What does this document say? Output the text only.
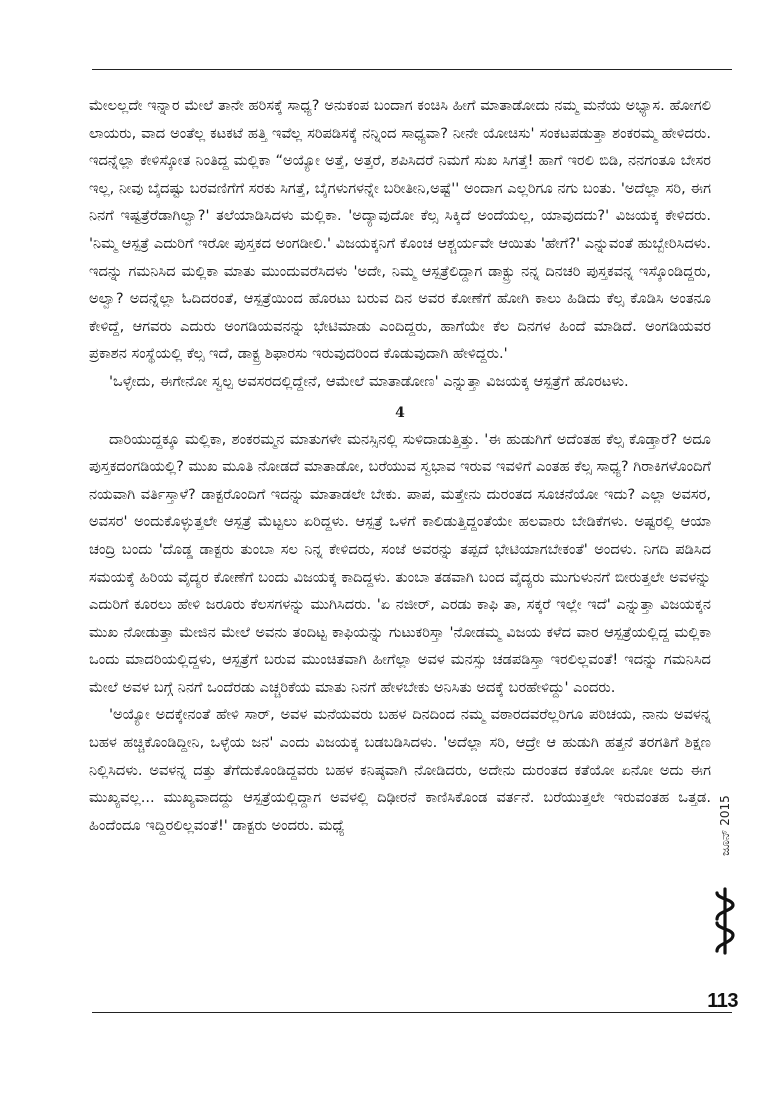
ಮೇಲಲ್ಲದೇ ಇನ್ನಾರ ಮೇಲೆ ತಾನೇ ಹರಿಸಕ್ಕೆ ಸಾಧ್ಯ? ಅನುಕಂಪ ಬಂದಾಗ ಕಂಚಿಸಿ ಹೀಗೆ ಮಾತಾಡೋದು ನಮ್ಮ ಮನೆಯ ಅಭ್ಯಾಸ. ಹೋಗಲಿ ಲಾಯರು, ವಾದ ಅಂತೆಲ್ಲ ಕಟಕಟೆ ಹತ್ತಿ ಇವೆಲ್ಲ ಸರಿಪಡಿಸಕ್ಕೆ ನನ್ನಿಂದ ಸಾಧ್ಯವಾ? ನೀನೇ ಯೋಚಿಸು' ಸಂಕಟಪಡುತ್ತಾ ಶಂಕರಮ್ಮ ಹೇಳಿದರು. ಇದನ್ನೆಲ್ಲಾ ಕೇಳಿಸ್ಕೋತ ನಿಂತಿದ್ದ ಮಲ್ಲಿಕಾ “ಅಯ್ಯೋ ಅತ್ತೆ, ಅತ್ತರೆ, ಶಪಿಸಿದರೆ ನಿಮಗೆ ಸುಖ ಸಿಗತ್ತೆ! ಹಾಗೆ ಇರಲಿ ಬಿಡಿ, ನನಗಂತೂ ಬೇಸರ ಇಲ್ಲ, ನೀವು ಬೈದಷ್ಟು ಬರವಣಿಗೆಗೆ ಸರಕು ಸಿಗತ್ತೆ, ಬೈಗಳುಗಳನ್ನೇ ಬರೀತೀನಿ,ಅಷ್ಟೆ'' ಅಂದಾಗ ಎಲ್ಲರಿಗೂ ನಗು ಬಂತು. 'ಅದೆಲ್ಲಾ ಸರಿ, ಈಗ ನಿನಗೆ ಇಷ್ಟತ್ರೆರೆಡಾಗಿಲ್ವಾ?' ತಲೆಯಾಡಿಸಿದಳು ಮಲ್ಲಿಕಾ. 'ಅದ್ಯಾವುದೋ ಕೆಲ್ಸ ಸಿಕ್ಕಿದೆ ಅಂದೆಯಲ್ಲ, ಯಾವುದದು?' ವಿಜಯಕ್ಕ ಕೇಳಿದರು. 'ನಿಮ್ಮ ಆಸ್ಪತ್ರೆ ಎದುರಿಗೆ ಇರೋ ಪುಸ್ತಕದ ಅಂಗಡೀಲಿ.' ವಿಜಯಕ್ಕನಿಗೆ ಕೊಂಚ ಆಶ್ಚರ್ಯವೇ ಆಯಿತು 'ಹೇಗೆ?' ಎನ್ನುವಂತೆ ಹುಬ್ಬೇರಿಸಿದಳು. ಇದನ್ನು ಗಮನಿಸಿದ ಮಲ್ಲಿಕಾ ಮಾತು ಮುಂದುವರೆಸಿದಳು 'ಅದೇ, ನಿಮ್ಮ ಆಸ್ಪತ್ರೆಲಿದ್ದಾಗ ಡಾಕ್ಟ್ರು ನನ್ನ ದಿನಚರಿ ಪುಸ್ತಕವನ್ನ ಇಸ್ಕೊಂಡಿದ್ದರು, ಅಲ್ವಾ? ಅದನ್ನೆಲ್ಲಾ ಓದಿದರಂತೆ, ಆಸ್ಪತ್ರೆಯಿಂದ ಹೊರಟು ಬರುವ ದಿನ ಅವರ ಕೋಣೆಗೆ ಹೋಗಿ ಕಾಲು ಹಿಡಿದು ಕೆಲ್ಸ ಕೊಡಿಸಿ ಅಂತನೂ ಕೇಳಿದ್ದೆ, ಆಗವರು ಎದುರು ಅಂಗಡಿಯವನನ್ನು ಭೇಟಿಮಾಡು ಎಂದಿದ್ದರು, ಹಾಗೆಯೇ ಕೆಲ ದಿನಗಳ ಹಿಂದೆ ಮಾಡಿದೆ. ಅಂಗಡಿಯವರ ಪ್ರಕಾಶನ ಸಂಸ್ಥೆಯಲ್ಲಿ ಕೆಲ್ಸ ಇದೆ, ಡಾಕ್ಟ್ರ ಶಿಫಾರಸು ಇರುವುದರಿಂದ ಕೊಡುವುದಾಗಿ ಹೇಳಿದ್ದರು.'

'ಒಳ್ಳೇದು, ಈಗೇನೋ ಸ್ವಲ್ಪ ಅವಸರದಲ್ಲಿದ್ದೇನೆ, ಆಮೇಲೆ ಮಾತಾಡೋಣ' ಎನ್ನುತ್ತಾ ವಿಜಯಕ್ಕ ಆಸ್ಪತ್ರೆಗೆ ಹೊರಟಳು.

4

ದಾರಿಯುದ್ದಕ್ಕೂ ಮಲ್ಲಿಕಾ, ಶಂಕರಮ್ಮನ ಮಾತುಗಳೇ ಮನಸ್ಸಿನಲ್ಲಿ ಸುಳಿದಾಡುತ್ತಿತ್ತು. 'ಈ ಹುಡುಗಿಗೆ ಅದೆಂತಹ ಕೆಲ್ಸ ಕೊಡ್ತಾರೆ? ಅದೂ ಪುಸ್ತಕದಂಗಡಿಯಲ್ಲಿ? ಮುಖ ಮೂತಿ ನೋಡದೆ ಮಾತಾಡೋ, ಬರೆಯುವ ಸ್ವಭಾವ ಇರುವ ಇವಳಿಗೆ ಎಂತಹ ಕೆಲ್ಸ ಸಾಧ್ಯ? ಗಿರಾಕಿಗಳೊಂದಿಗೆ ನಯವಾಗಿ ವರ್ತಿಸ್ತಾಳೆ? ಡಾಕ್ಟರೊಂದಿಗೆ ಇದನ್ನು ಮಾತಾಡಲೇ ಬೇಕು. ಪಾಪ, ಮತ್ತೇನು ದುರಂತದ ಸೂಚನೆಯೋ ಇದು? ಎಲ್ಲಾ ಅವಸರ, ಅವಸರ' ಅಂದುಕೊಳ್ಳುತ್ತಲೇ ಆಸ್ಪತ್ರೆ ಮೆಟ್ಟಲು ಏರಿದ್ದಳು. ಆಸ್ಪತ್ರೆ ಒಳಗೆ ಕಾಲಿಡುತ್ತಿದ್ದಂತೆಯೇ ಹಲವಾರು ಬೇಡಿಕೆಗಳು. ಅಷ್ಟರಲ್ಲಿ ಆಯಾ ಚಂದ್ರಿ ಬಂದು 'ದೊಡ್ಡ ಡಾಕ್ಟರು ತುಂಬಾ ಸಲ ನಿನ್ನ ಕೇಳಿದರು, ಸಂಜೆ ಅವರನ್ನು ತಪ್ಪದೆ ಭೇಟಿಯಾಗಬೇಕಂತೆ' ಅಂದಳು. ನಿಗದಿ ಪಡಿಸಿದ ಸಮಯಕ್ಕೆ ಹಿರಿಯ ವೈದ್ಯರ ಕೋಣೆಗೆ ಬಂದು ವಿಜಯಕ್ಕ ಕಾದಿದ್ದಳು. ತುಂಬಾ ತಡವಾಗಿ ಬಂದ ವೈದ್ಯರು ಮುಗುಳುನಗೆ ಬೀರುತ್ತಲೇ ಅವಳನ್ನು ಎದುರಿಗೆ ಕೂರಲು ಹೇಳಿ ಜರೂರು ಕೆಲಸಗಳನ್ನು ಮುಗಿಸಿದರು. 'ಏ ನಜೀರ್, ಎರಡು ಕಾಫಿ ತಾ, ಸಕ್ಕರೆ ಇಲ್ಲೇ ಇದೆ' ಎನ್ನುತ್ತಾ ವಿಜಯಕ್ಕನ ಮುಖ ನೋಡುತ್ತಾ ಮೇಜಿನ ಮೇಲೆ ಅವನು ತಂದಿಟ್ಟ ಕಾಫಿಯನ್ನು ಗುಟುಕರಿಸ್ತಾ 'ನೋಡಮ್ಮ ವಿಜಯ ಕಳೆದ ವಾರ ಆಸ್ಪತ್ರೆಯಲ್ಲಿದ್ದ ಮಲ್ಲಿಕಾ ಒಂದು ಮಾದರಿಯಲ್ಲಿದ್ದಳು, ಆಸ್ಪತ್ರೆಗೆ ಬರುವ ಮುಂಚಿತವಾಗಿ ಹೀಗೆಲ್ಲಾ ಅವಳ ಮನಸ್ಸು ಚಡಪಡಿಸ್ತಾ ಇರಲಿಲ್ಲವಂತೆ! ಇದನ್ನು ಗಮನಿಸಿದ ಮೇಲೆ ಅವಳ ಬಗ್ಗೆ ನಿನಗೆ ಒಂದೆರಡು ಎಚ್ಚರಿಕೆಯ ಮಾತು ನಿನಗೆ ಹೇಳಬೇಕು ಅನಿಸಿತು ಅದಕ್ಕೆ ಬರಹೇಳಿದ್ದು' ಎಂದರು.

'ಅಯ್ಯೋ ಅದಕ್ಕೇನಂತೆ ಹೇಳಿ ಸಾರ್, ಅವಳ ಮನೆಯವರು ಬಹಳ ದಿನದಿಂದ ನಮ್ಮ ವಠಾರದವರೆಲ್ಲರಿಗೂ ಪರಿಚಯ, ನಾನು ಅವಳನ್ನ ಬಹಳ ಹಚ್ಚಿಕೊಂಡಿದ್ದೀನಿ, ಒಳ್ಳೆಯ ಜನ' ಎಂದು ವಿಜಯಕ್ಕ ಬಡಬಡಿಸಿದಳು. 'ಅದೆಲ್ಲಾ ಸರಿ, ಆದ್ರೇ ಆ ಹುಡುಗಿ ಹತ್ತನೆ ತರಗತಿಗೆ ಶಿಕ್ಷಣ ನಿಲ್ಲಿಸಿದಳು. ಅವಳನ್ನ ದತ್ತು ತೆಗೆದುಕೊಂಡಿದ್ದವರು ಬಹಳ ಕನಿಷ್ಠವಾಗಿ ನೋಡಿದರು, ಅದೇನು ದುರಂತದ ಕತೆಯೋ ಏನೋ ಅದು ಈಗ ಮುಖ್ಯವಲ್ಲ... ಮುಖ್ಯವಾದದ್ದು ಆಸ್ಪತ್ರೆಯಲ್ಲಿದ್ದಾಗ ಅವಳಲ್ಲಿ ದಿಢೀರನೆ ಕಾಣಿಸಿಕೊಂಡ ವರ್ತನೆ. ಬರೆಯುತ್ತಲೇ ಇರುವಂತಹ ಒತ್ತಡ. ಹಿಂದೆಂದೂ ಇದ್ದಿರಲಿಲ್ಲವಂತೆ!' ಡಾಕ್ಟರು ಅಂದರು. ಮಧ್ಯೆ	ಜೂನ್ 2015
113
